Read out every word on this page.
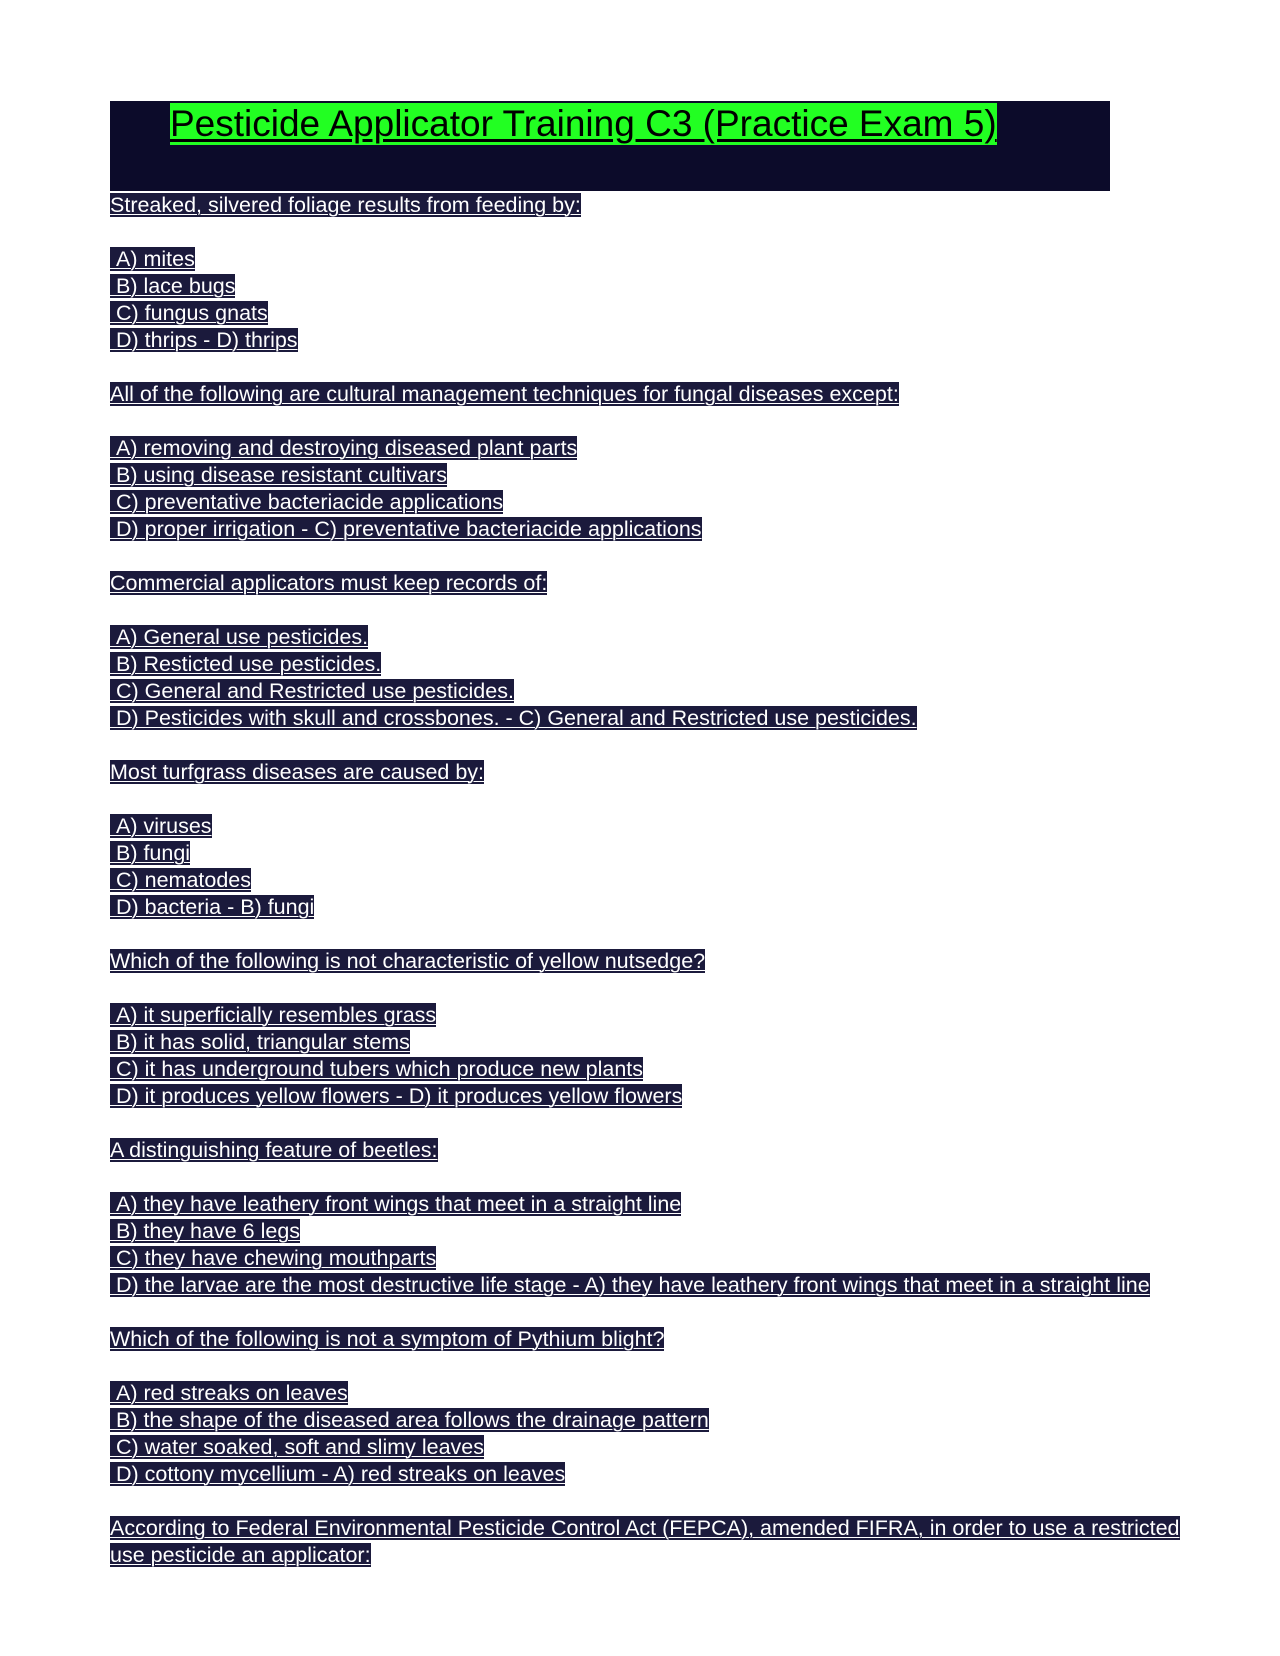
Pesticide Applicator Training C3 (Practice Exam 5)

Streaked, silvered foliage results from feeding by:

A) mites

B) lace bugs

C) fungus gnats

D) thrips - D) thrips

All of the following are cultural management techniques for fungal diseases except:

A) removing and destroying diseased plant parts

B) using disease resistant cultivars

C) preventative bacteriacide applications

D) proper irrigation - C) preventative bacteriacide applications

Commercial applicators must keep records of:

A) General use pesticides.

B) Resticted use pesticides.

C) General and Restricted use pesticides.

D) Pesticides with skull and crossbones. - C) General and Restricted use pesticides.

Most turfgrass diseases are caused by:

A) viruses

B) fungi

C) nematodes

D) bacteria - B) fungi

Which of the following is not characteristic of yellow nutsedge?

A) it superficially resembles grass

B) it has solid, triangular stems

C) it has underground tubers which produce new plants

D) it produces yellow flowers - D) it produces yellow flowers

A distinguishing feature of beetles:

A) they have leathery front wings that meet in a straight line

B) they have 6 legs

C) they have chewing mouthparts

D) the larvae are the most destructive life stage - A) they have leathery front wings that meet in a straight line

Which of the following is not a symptom of Pythium blight?

A) red streaks on leaves

B) the shape of the diseased area follows the drainage pattern

C) water soaked, soft and slimy leaves

D) cottony mycellium - A) red streaks on leaves

According to Federal Environmental Pesticide Control Act (FEPCA), amended FIFRA, in order to use a restricted use pesticide an applicator:
